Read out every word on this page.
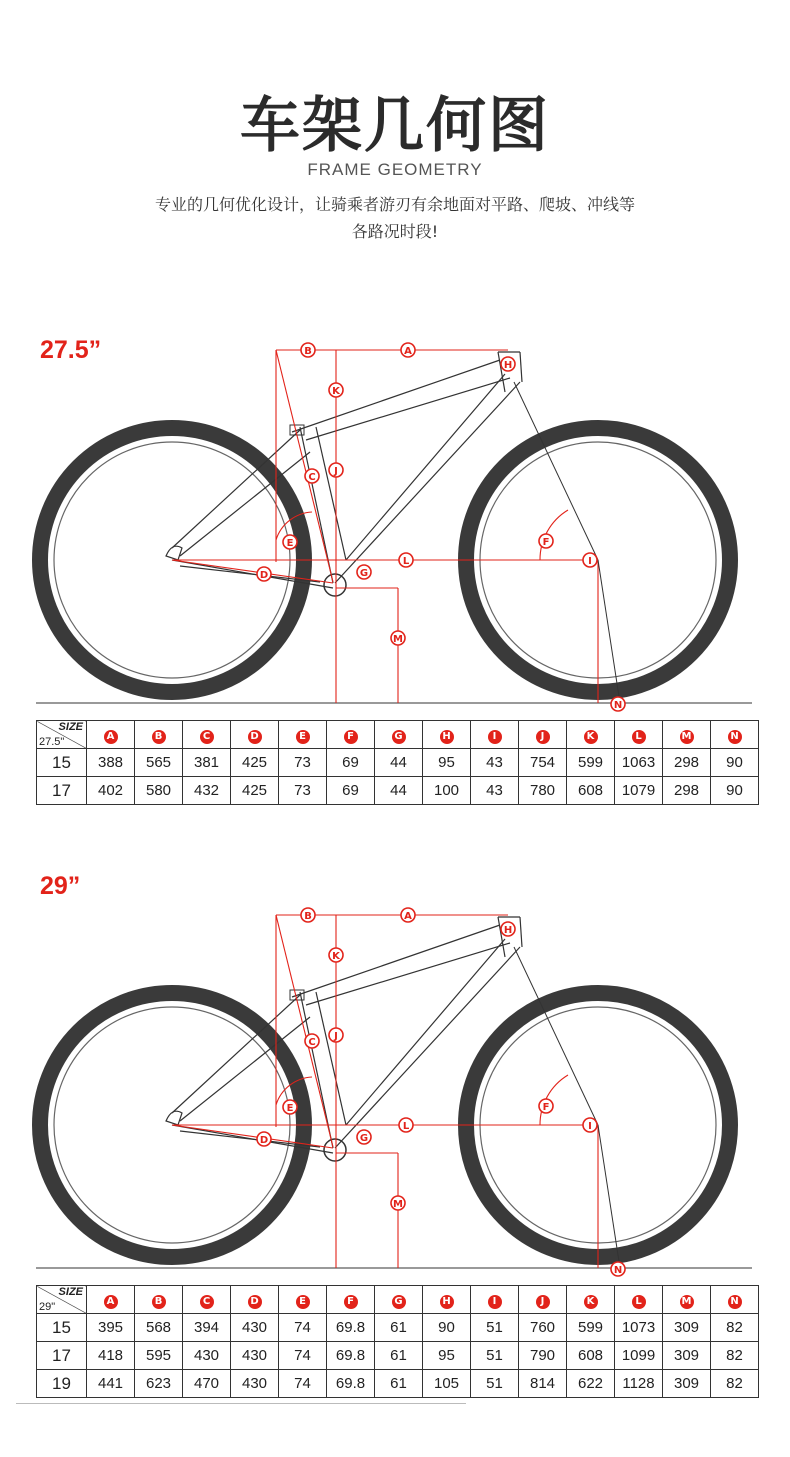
车架几何图
FRAME GEOMETRY

专业的几何优化设计，让骑乘者游刃有余地面对平路、爬坡、冲线等
各路况时段!

27.5”	A
B
K
H
J
C
E
D	G
L
F
I
M
N
SIZE
27.5"	A	B	C	D	E	F	G	H	I	J	K	L	M	N
15	388	565	381	425	73	69	44	95	43	754	599	1063	298	90
17	402	580	432	425	73	69	44	100	43	780	608	1079	298	90
29”
A
B
K
H
J
C
E
D	G
L
F
I
M
N
SIZE
29"	A	B	C	D	E	F	G	H	I	J	K	L	M	N
15	395	568	394	430	74	69.8	61	90	51	760	599	1073	309	82
17	418	595	430	430	74	69.8	61	95	51	790	608	1099	309	82
19	441	623	470	430	74	69.8	61	105	51	814	622	1128	309	82
